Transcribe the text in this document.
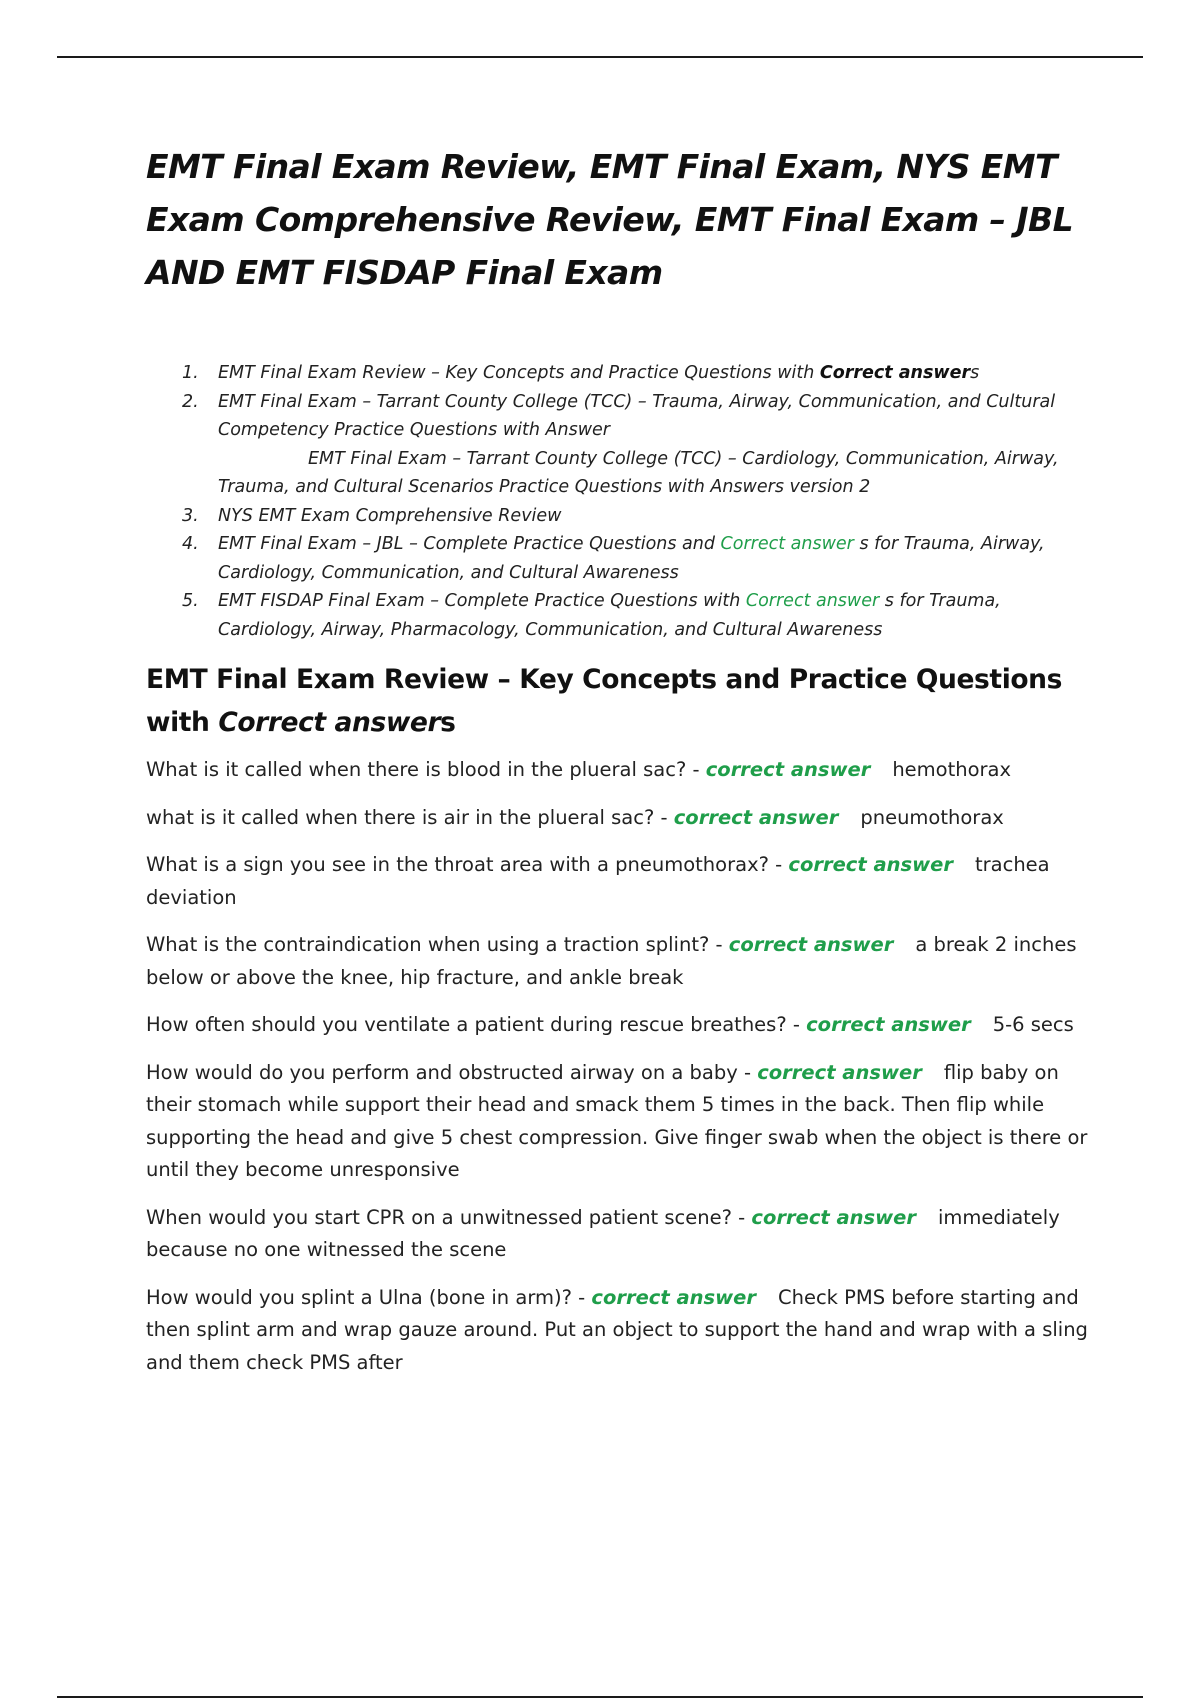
EMT Final Exam Review, EMT Final Exam, NYS EMT Exam Comprehensive Review, EMT Final Exam – JBL AND EMT FISDAP Final Exam
1.	EMT Final Exam Review – Key Concepts and Practice Questions with Correct answers
2.	EMT Final Exam – Tarrant County College (TCC) – Trauma, Airway, Communication, and Cultural Competency Practice Questions with Answer
EMT Final Exam – Tarrant County College (TCC) – Cardiology, Communication, Airway, Trauma, and Cultural Scenarios Practice Questions with Answers version 2
3.	NYS EMT Exam Comprehensive Review
4.	EMT Final Exam – JBL – Complete Practice Questions and Correct answer s for Trauma, Airway, Cardiology, Communication, and Cultural Awareness
5.	EMT FISDAP Final Exam – Complete Practice Questions with Correct answer s for Trauma, Cardiology, Airway, Pharmacology, Communication, and Cultural Awareness
EMT Final Exam Review – Key Concepts and Practice Questions with Correct answers

What is it called when there is blood in the plueral sac? - correct answer hemothorax

what is it called when there is air in the plueral sac? - correct answer pneumothorax

What is a sign you see in the throat area with a pneumothorax? - correct answer trachea deviation

What is the contraindication when using a traction splint? - correct answer a break 2 inches below or above the knee, hip fracture, and ankle break

How often should you ventilate a patient during rescue breathes? - correct answer 5-6 secs

How would do you perform and obstructed airway on a baby - correct answer flip baby on their stomach while support their head and smack them 5 times in the back. Then flip while supporting the head and give 5 chest compression. Give finger swab when the object is there or until they become unresponsive

When would you start CPR on a unwitnessed patient scene? - correct answer immediately because no one witnessed the scene

How would you splint a Ulna (bone in arm)? - correct answer Check PMS before starting and then splint arm and wrap gauze around. Put an object to support the hand and wrap with a sling and them check PMS after
